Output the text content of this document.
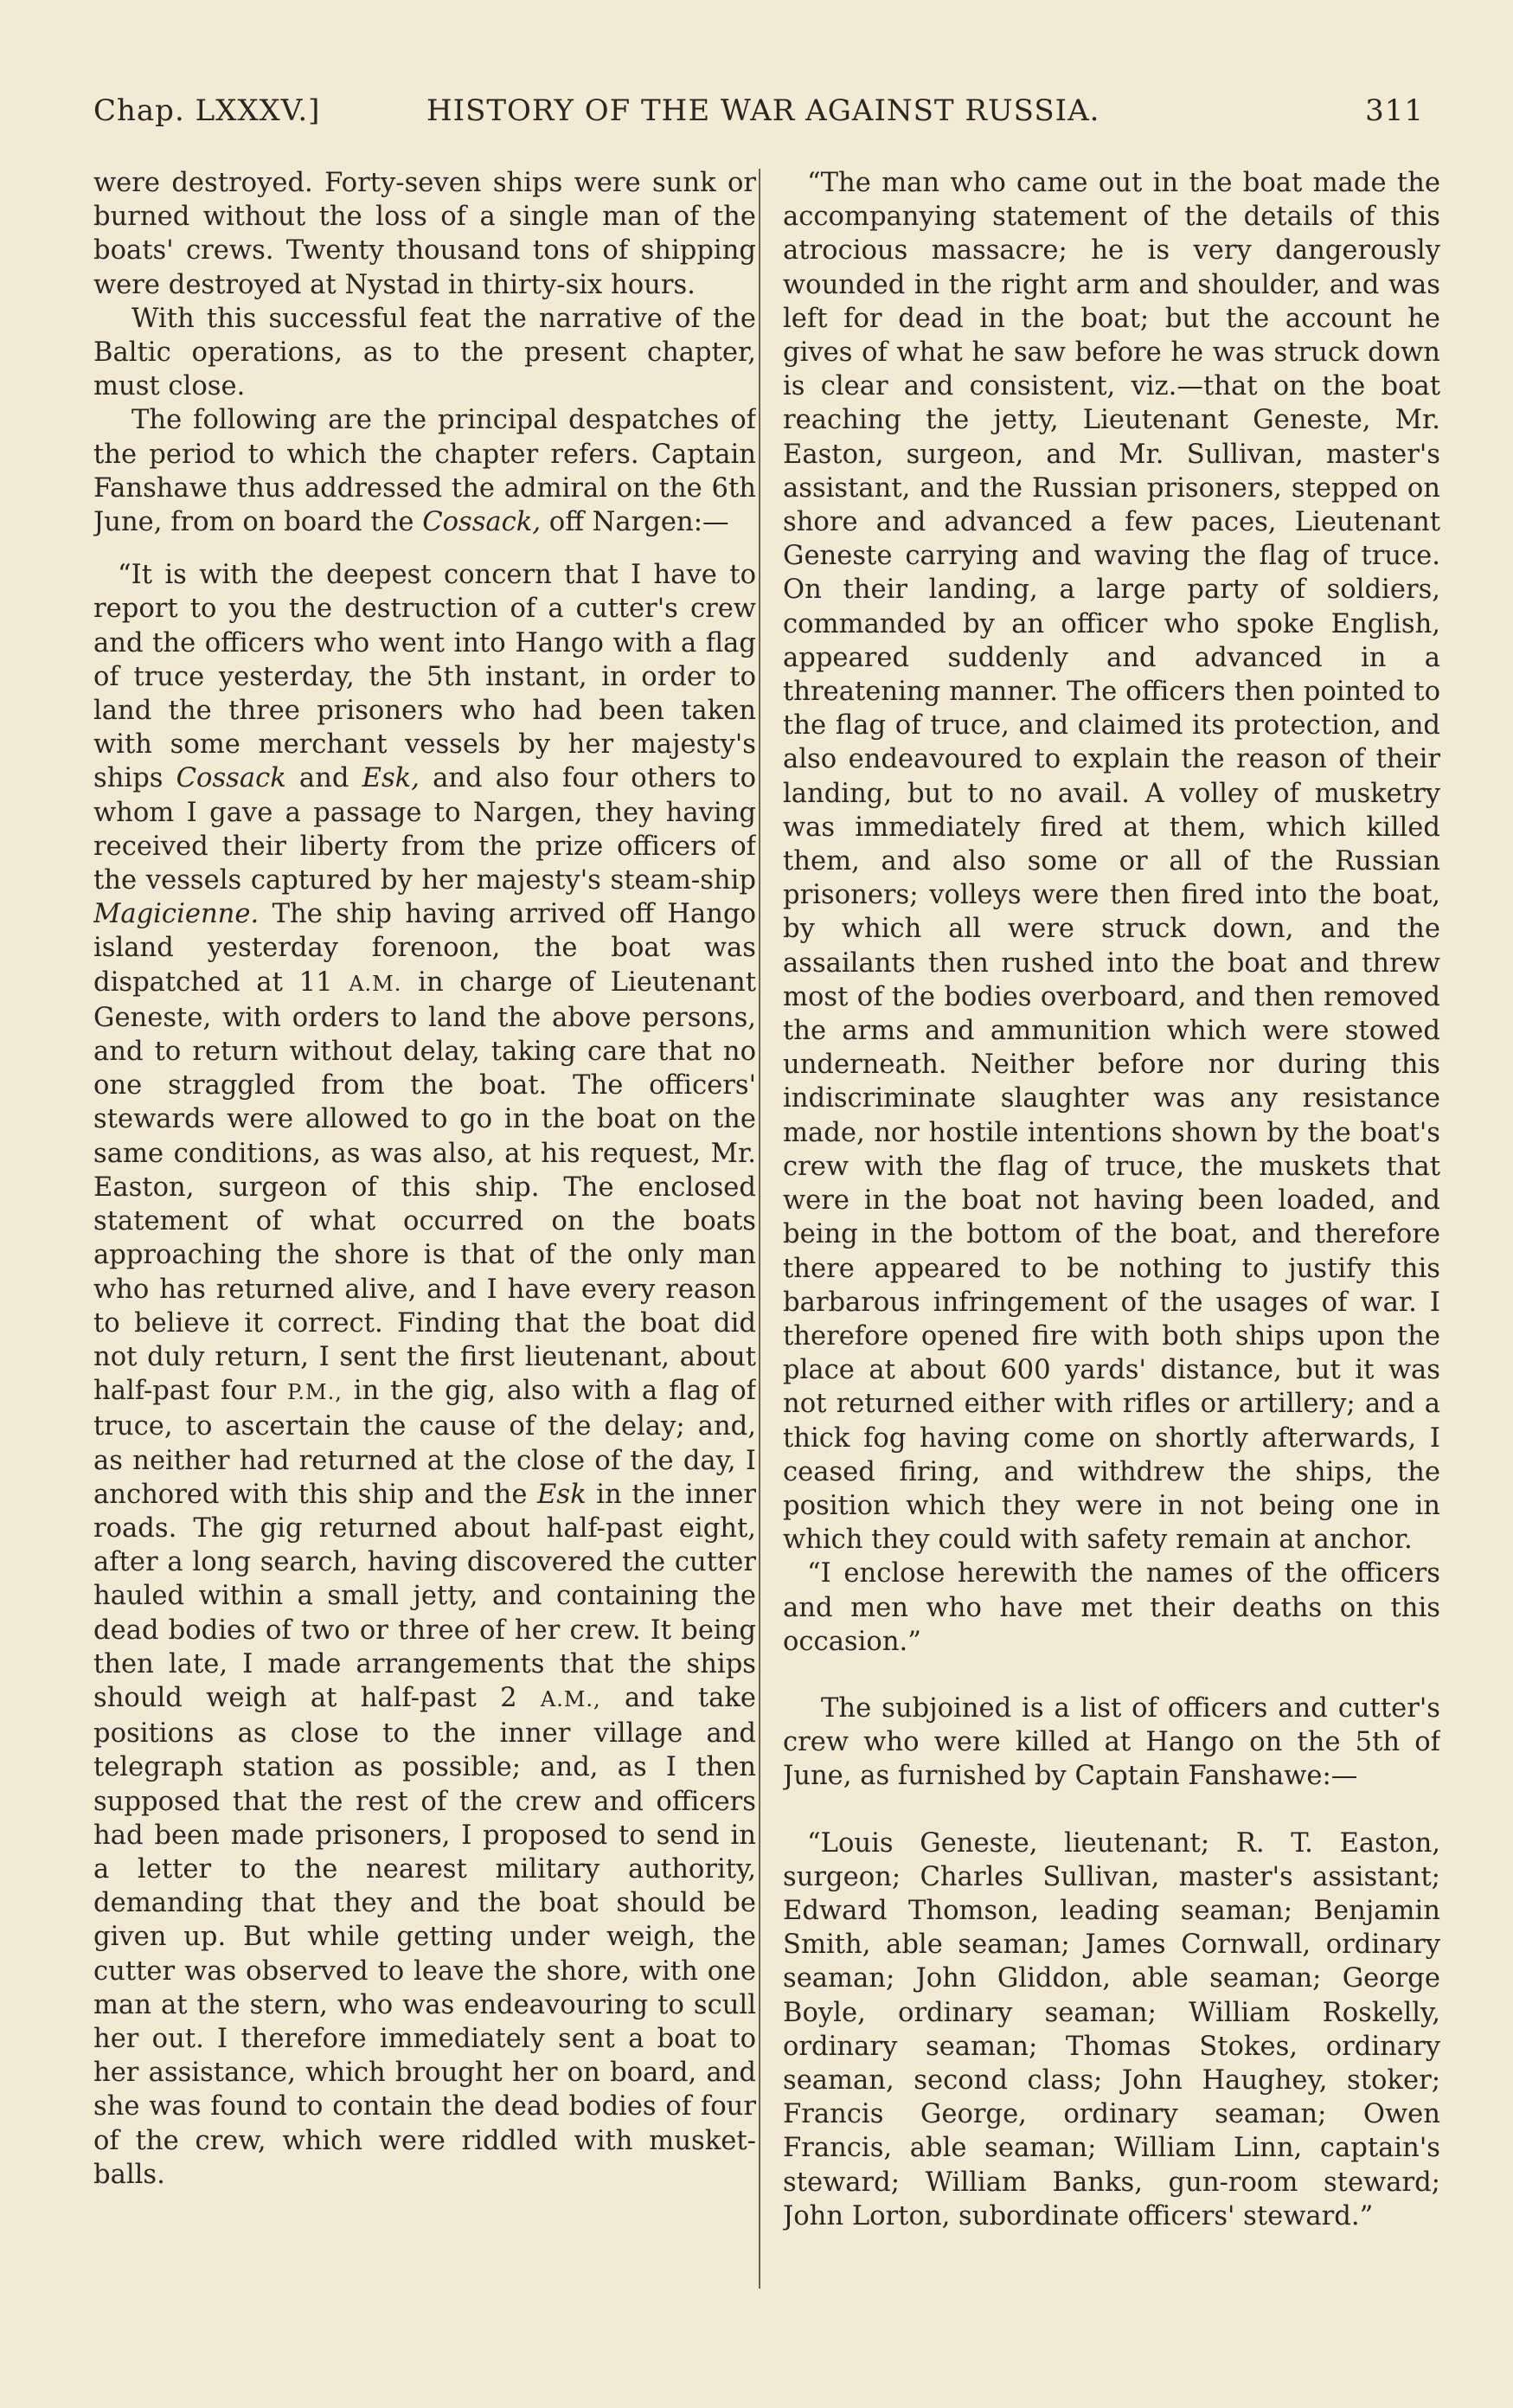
Chap. LXXXV.]	HISTORY OF THE WAR AGAINST RUSSIA.	311

were destroyed. Forty-seven ships were sunk or burned without the loss of a single man of the boats' crews. Twenty thousand tons of shipping were destroyed at Nystad in thirty-six hours.

With this successful feat the narrative of the Baltic operations, as to the present chapter, must close.

The following are the principal despatches of the period to which the chapter refers. Captain Fanshawe thus addressed the admiral on the 6th June, from on board the Cossack, off Nargen:—

“It is with the deepest concern that I have to report to you the destruction of a cutter's crew and the officers who went into Hango with a flag of truce yesterday, the 5th instant, in order to land the three prisoners who had been taken with some merchant vessels by her majesty's ships Cossack and Esk, and also four others to whom I gave a passage to Nargen, they having received their liberty from the prize officers of the vessels captured by her majesty's steam-ship Magicienne. The ship having arrived off Hango island yesterday forenoon, the boat was dispatched at 11 A.M. in charge of Lieutenant Geneste, with orders to land the above persons, and to return without delay, taking care that no one straggled from the boat. The officers' stewards were allowed to go in the boat on the same conditions, as was also, at his request, Mr. Easton, surgeon of this ship. The enclosed statement of what occurred on the boats approaching the shore is that of the only man who has returned alive, and I have every reason to believe it correct. Finding that the boat did not duly return, I sent the first lieutenant, about half-past four P.M., in the gig, also with a flag of truce, to ascertain the cause of the delay; and, as neither had returned at the close of the day, I anchored with this ship and the Esk in the inner roads. The gig returned about half-past eight, after a long search, having discovered the cutter hauled within a small jetty, and containing the dead bodies of two or three of her crew. It being then late, I made arrangements that the ships should weigh at half-past 2 A.M., and take positions as close to the inner village and telegraph station as possible; and, as I then supposed that the rest of the crew and officers had been made prisoners, I proposed to send in a letter to the nearest military authority, demanding that they and the boat should be given up. But while getting under weigh, the cutter was observed to leave the shore, with one man at the stern, who was endeavouring to scull her out. I therefore immediately sent a boat to her assistance, which brought her on board, and she was found to contain the dead bodies of four of the crew, which were riddled with musket-balls.

“The man who came out in the boat made the accompanying statement of the details of this atrocious massacre; he is very dangerously wounded in the right arm and shoulder, and was left for dead in the boat; but the account he gives of what he saw before he was struck down is clear and consistent, viz.—that on the boat reaching the jetty, Lieutenant Geneste, Mr. Easton, surgeon, and Mr. Sullivan, master's assistant, and the Russian prisoners, stepped on shore and advanced a few paces, Lieutenant Geneste carrying and waving the flag of truce. On their landing, a large party of soldiers, commanded by an officer who spoke English, appeared suddenly and advanced in a threatening manner. The officers then pointed to the flag of truce, and claimed its protection, and also endeavoured to explain the reason of their landing, but to no avail. A volley of musketry was immediately fired at them, which killed them, and also some or all of the Russian prisoners; volleys were then fired into the boat, by which all were struck down, and the assailants then rushed into the boat and threw most of the bodies overboard, and then removed the arms and ammunition which were stowed underneath. Neither before nor during this indiscriminate slaughter was any resistance made, nor hostile intentions shown by the boat's crew with the flag of truce, the muskets that were in the boat not having been loaded, and being in the bottom of the boat, and therefore there appeared to be nothing to justify this barbarous infringement of the usages of war. I therefore opened fire with both ships upon the place at about 600 yards' distance, but it was not returned either with rifles or artillery; and a thick fog having come on shortly afterwards, I ceased firing, and withdrew the ships, the position which they were in not being one in which they could with safety remain at anchor.

“I enclose herewith the names of the officers and men who have met their deaths on this occasion.”

The subjoined is a list of officers and cutter's crew who were killed at Hango on the 5th of June, as furnished by Captain Fanshawe:—

“Louis Geneste, lieutenant; R. T. Easton, surgeon; Charles Sullivan, master's assistant; Edward Thomson, leading seaman; Benjamin Smith, able seaman; James Cornwall, ordinary seaman; John Gliddon, able seaman; George Boyle, ordinary seaman; William Roskelly, ordinary seaman; Thomas Stokes, ordinary seaman, second class; John Haughey, stoker; Francis George, ordinary seaman; Owen Francis, able seaman; William Linn, captain's steward; William Banks, gun-room steward; John Lorton, subordinate officers' steward.”
